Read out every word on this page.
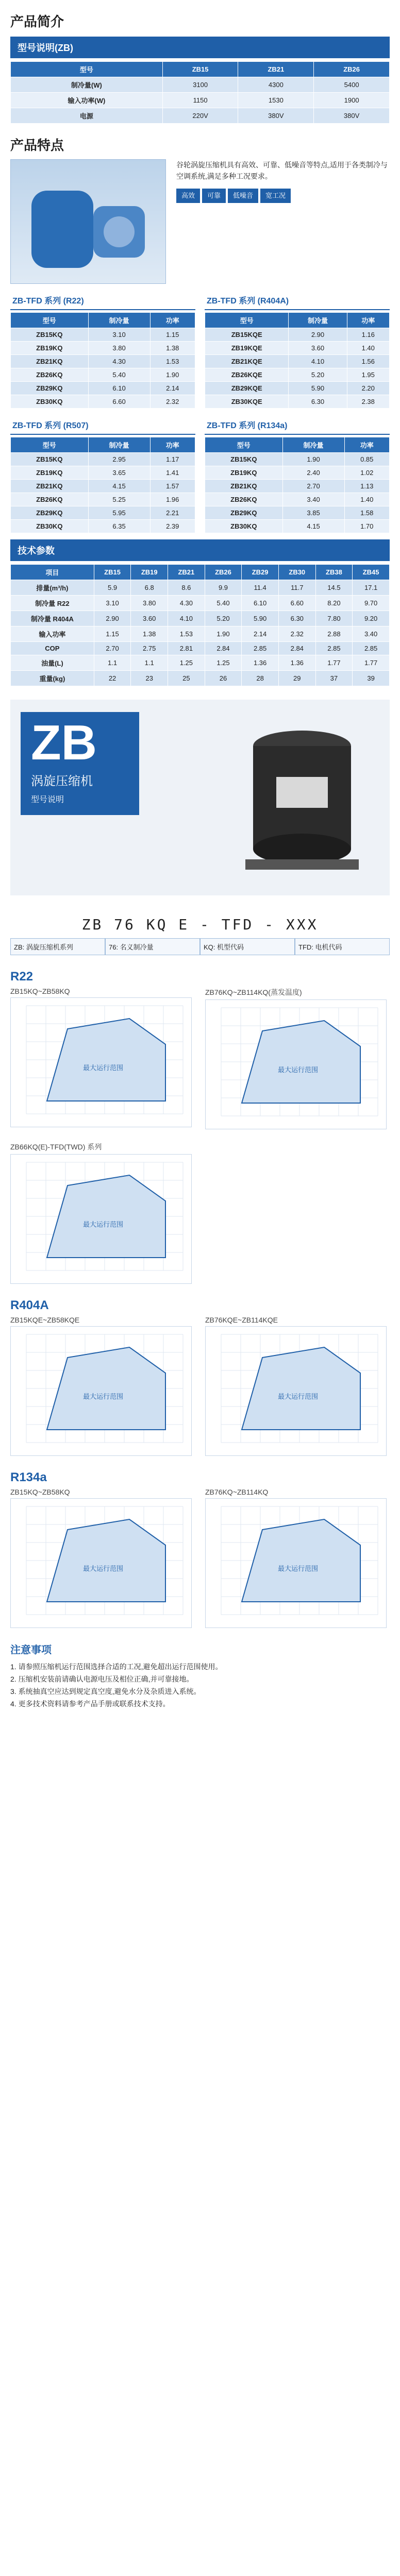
产品简介
型号说明(ZB)
型号	ZB15	ZB21	ZB26
制冷量(W)	3100	4300	5400
输入功率(W)	1150	1530	1900
电源	220V	380V	380V
产品特点
谷轮涡旋压缩机具有高效、可靠、低噪音等特点,适用于各类制冷与空调系统,满足多种工况要求。
高效 可靠 低噪音 宽工况
ZB-TFD 系列 (R22)
型号	制冷量	功率
ZB15KQ	3.10	1.15
ZB19KQ	3.80	1.38
ZB21KQ	4.30	1.53
ZB26KQ	5.40	1.90
ZB29KQ	6.10	2.14
ZB30KQ	6.60	2.32
ZB-TFD 系列 (R404A)
型号	制冷量	功率
ZB15KQE	2.90	1.16
ZB19KQE	3.60	1.40
ZB21KQE	4.10	1.56
ZB26KQE	5.20	1.95
ZB29KQE	5.90	2.20
ZB30KQE	6.30	2.38
ZB-TFD 系列 (R507)
型号	制冷量	功率
ZB15KQ	2.95	1.17
ZB19KQ	3.65	1.41
ZB21KQ	4.15	1.57
ZB26KQ	5.25	1.96
ZB29KQ	5.95	2.21
ZB30KQ	6.35	2.39
ZB-TFD 系列 (R134a)
型号	制冷量	功率
ZB15KQ	1.90	0.85
ZB19KQ	2.40	1.02
ZB21KQ	2.70	1.13
ZB26KQ	3.40	1.40
ZB29KQ	3.85	1.58
ZB30KQ	4.15	1.70
技术参数
项目	ZB15	ZB19	ZB21	ZB26	ZB29	ZB30	ZB38	ZB45
排量(m³/h)	5.9	6.8	8.6	9.9	11.4	11.7	14.5	17.1
制冷量 R22	3.10	3.80	4.30	5.40	6.10	6.60	8.20	9.70
制冷量 R404A	2.90	3.60	4.10	5.20	5.90	6.30	7.80	9.20
输入功率	1.15	1.38	1.53	1.90	2.14	2.32	2.88	3.40
COP	2.70	2.75	2.81	2.84	2.85	2.84	2.85	2.85
油量(L)	1.1	1.1	1.25	1.25	1.36	1.36	1.77	1.77
重量(kg)	22	23	25	26	28	29	37	39
ZB
涡旋压缩机
型号说明
ZB 76 KQ E - TFD - XXX
ZB: 涡旋压缩机系列	76: 名义制冷量	KQ: 机型代码	TFD: 电机代码
R22
ZB15KQ~ZB58KQ
最大运行范围
ZB76KQ~ZB114KQ(蒸发温度)
最大运行范围
ZB66KQ(E)-TFD(TWD) 系列
最大运行范围
R404A
ZB15KQE~ZB58KQE
最大运行范围
ZB76KQE~ZB114KQE
最大运行范围
R134a
ZB15KQ~ZB58KQ
最大运行范围
ZB76KQ~ZB114KQ
最大运行范围
注意事项
1. 请参照压缩机运行范围选择合适的工况,避免超出运行范围使用。
2. 压缩机安装前请确认电源电压及相位正确,并可靠接地。
3. 系统抽真空应达到规定真空度,避免水分及杂质进入系统。
4. 更多技术资料请参考产品手册或联系技术支持。
